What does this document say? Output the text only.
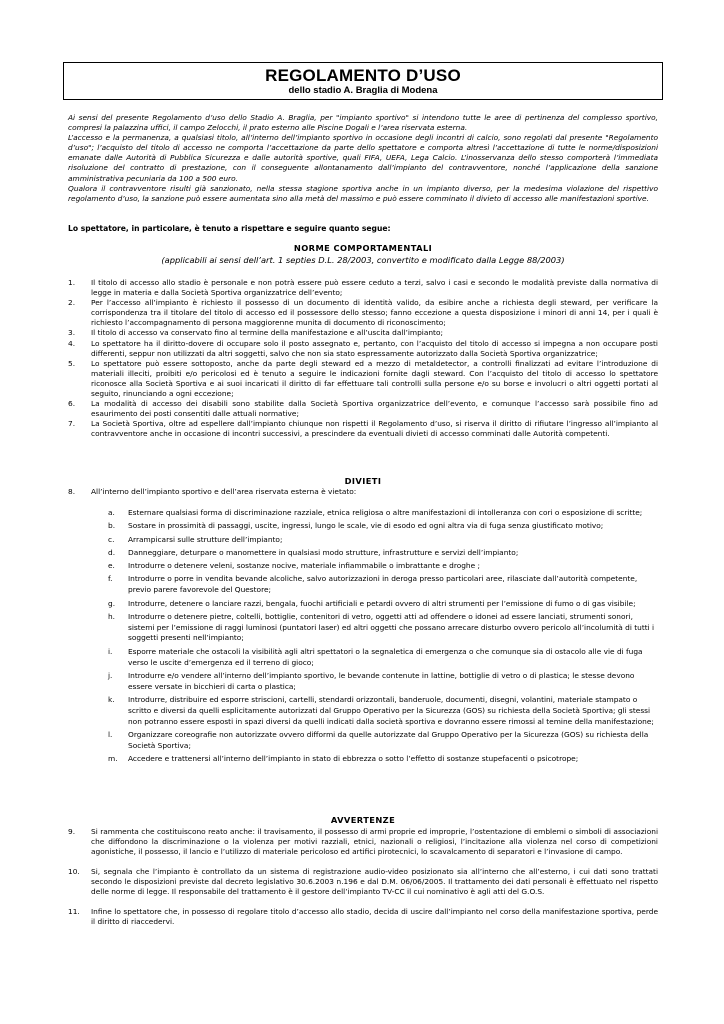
REGOLAMENTO D’USO
dello stadio A. Braglia di Modena

Ai sensi del presente Regolamento d’uso dello Stadio A. Braglia, per "impianto sportivo" si intendono tutte le aree di pertinenza del complesso sportivo, compresi la palazzina uffici, il campo Zelocchi, il prato esterno alle Piscine Dogali e l’area riservata esterna.

L’accesso e la permanenza, a qualsiasi titolo, all’interno dell’impianto sportivo in occasione degli incontri di calcio, sono regolati dal presente "Regolamento d’uso"; l’acquisto del titolo di accesso ne comporta l’accettazione da parte dello spettatore e comporta altresì l’accettazione di tutte le norme/disposizioni emanate dalle Autorità di Pubblica Sicurezza e dalle autorità sportive, quali FIFA, UEFA, Lega Calcio. L’inosservanza dello stesso comporterà l’immediata risoluzione del contratto di prestazione, con il conseguente allontanamento dall’impianto del contravventore, nonché l’applicazione della sanzione amministrativa pecuniaria da 100 a 500 euro.

Qualora il contravventore risulti già sanzionato, nella stessa stagione sportiva anche in un impianto diverso, per la medesima violazione del rispettivo regolamento d’uso, la sanzione può essere aumentata sino alla metà del massimo e può essere comminato il divieto di accesso alle manifestazioni sportive.

Lo spettatore, in particolare, è tenuto a rispettare e seguire quanto segue:
NORME COMPORTAMENTALI
(applicabili ai sensi dell’art. 1 septies D.L. 28/2003, convertito e modificato dalla Legge 88/2003)
1. Il titolo di accesso allo stadio è personale e non potrà essere può essere ceduto a terzi, salvo i casi e secondo le modalità previste dalla normativa di legge in materia e dalla Società Sportiva organizzatrice dell’evento;
2. Per l’accesso all’impianto è richiesto il possesso di un documento di identità valido, da esibire anche a richiesta degli steward, per verificare la corrispondenza tra il titolare del titolo di accesso ed il possessore dello stesso; fanno eccezione a questa disposizione i minori di anni 14, per i quali è richiesto l’accompagnamento di persona maggiorenne munita di documento di riconoscimento;
3. Il titolo di accesso va conservato fino al termine della manifestazione e all’uscita dall’impianto;
4. Lo spettatore ha il diritto-dovere di occupare solo il posto assegnato e, pertanto, con l’acquisto del titolo di accesso si impegna a non occupare posti differenti, seppur non utilizzati da altri soggetti, salvo che non sia stato espressamente autorizzato dalla Società Sportiva organizzatrice;
5. Lo spettatore può essere sottoposto, anche da parte degli steward ed a mezzo di metaldetector, a controlli finalizzati ad evitare l’introduzione di materiali illeciti, proibiti e/o pericolosi ed è tenuto a seguire le indicazioni fornite dagli steward. Con l’acquisto del titolo di accesso lo spettatore riconosce alla Società Sportiva e ai suoi incaricati il diritto di far effettuare tali controlli sulla persone e/o su borse e involucri o altri oggetti portati al seguito, rinunciando a ogni eccezione;
6. La modalità di accesso dei disabili sono stabilite dalla Società Sportiva organizzatrice dell’evento, e comunque l’accesso sarà possibile fino ad esaurimento dei posti consentiti dalle attuali normative;
7. La Società Sportiva, oltre ad espellere dall’impianto chiunque non rispetti il Regolamento d’uso, si riserva il diritto di rifiutare l’ingresso all’impianto al contravventore anche in occasione di incontri successivi, a prescindere da eventuali divieti di accesso comminati dalle Autorità competenti.
DIVIETI
8. All’interno dell’impianto sportivo e dell’area riservata esterna è vietato:
a. Esternare qualsiasi forma di discriminazione razziale, etnica religiosa o altre manifestazioni di intolleranza con cori o esposizione di scritte;
b. Sostare in prossimità di passaggi, uscite, ingressi, lungo le scale, vie di esodo ed ogni altra via di fuga senza giustificato motivo;
c. Arrampicarsi sulle strutture dell’impianto;
d. Danneggiare, deturpare o manomettere in qualsiasi modo strutture, infrastrutture e servizi dell’impianto;
e. Introdurre o detenere veleni, sostanze nocive, materiale infiammabile o imbrattante e droghe ;
f. Introdurre o porre in vendita bevande alcoliche, salvo autorizzazioni in deroga presso particolari aree, rilasciate dall’autorità competente, previo parere favorevole del Questore;
g. Introdurre, detenere o lanciare razzi, bengala, fuochi artificiali e petardi ovvero di altri strumenti per l’emissione di fumo o di gas visibile;
h. Introdurre o detenere pietre, coltelli, bottiglie, contenitori di vetro, oggetti atti ad offendere o idonei ad essere lanciati, strumenti sonori, sistemi per l’emissione di raggi luminosi (puntatori laser) ed altri oggetti che possano arrecare disturbo ovvero pericolo all’incolumità di tutti i soggetti presenti nell’impianto;
i. Esporre materiale che ostacoli la visibilità agli altri spettatori o la segnaletica di emergenza o che comunque sia di ostacolo alle vie di fuga verso le uscite d’emergenza ed il terreno di gioco;
j. Introdurre e/o vendere all’interno dell’impianto sportivo, le bevande contenute in lattine, bottiglie di vetro o di plastica; le stesse devono essere versate in bicchieri di carta o plastica;
k. Introdurre, distribuire ed esporre striscioni, cartelli, stendardi orizzontali, banderuole, documenti, disegni, volantini, materiale stampato o scritto e diversi da quelli esplicitamente autorizzati dal Gruppo Operativo per la Sicurezza (GOS) su richiesta della Società Sportiva; gli stessi non potranno essere esposti in spazi diversi da quelli indicati dalla società sportiva e dovranno essere rimossi al temine della manifestazione;
l. Organizzare coreografie non autorizzate ovvero difformi da quelle autorizzate dal Gruppo Operativo per la Sicurezza (GOS) su richiesta della Società Sportiva;
m. Accedere e trattenersi all’interno dell’impianto in stato di ebbrezza o sotto l’effetto di sostanze stupefacenti o psicotrope;
AVVERTENZE
9. Si rammenta che costituiscono reato anche: il travisamento, il possesso di armi proprie ed improprie, l’ostentazione di emblemi o simboli di associazioni che diffondono la discriminazione o la violenza per motivi razziali, etnici, nazionali o religiosi, l’incitazione alla violenza nel corso di competizioni agonistiche, il possesso, il lancio e l’utilizzo di materiale pericoloso ed artifici pirotecnici, lo scavalcamento di separatori e l’invasione di campo.
10. Si, segnala che l’impianto è controllato da un sistema di registrazione audio-video posizionato sia all’interno che all’esterno, i cui dati sono trattati secondo le disposizioni previste dal decreto legislativo 30.6.2003 n.196 e dal D.M. 06/06/2005. Il trattamento dei dati personali è effettuato nel rispetto delle norme di legge. Il responsabile del trattamento è il gestore dell’impianto TV-CC il cui nominativo è agli atti del G.O.S.
11. Infine lo spettatore che, in possesso di regolare titolo d’accesso allo stadio, decida di uscire dall’impianto nel corso della manifestazione sportiva, perde il diritto di riaccedervi.
